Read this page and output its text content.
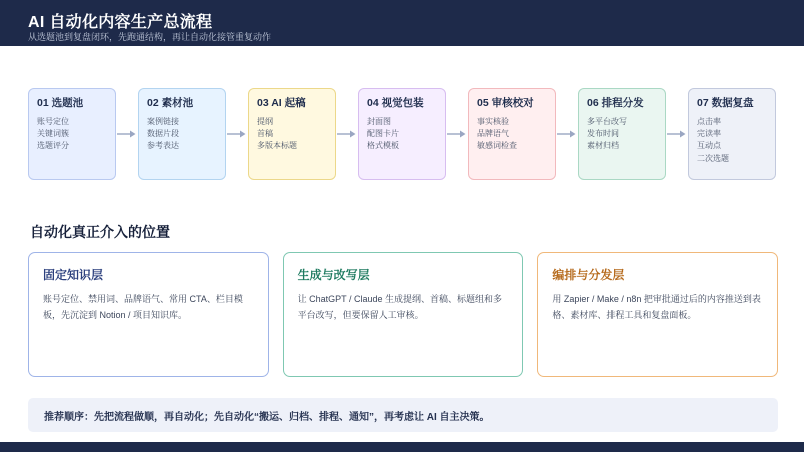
AI 自动化内容生产总流程
从选题池到复盘闭环，先跑通结构，再让自动化接管重复动作
01 选题池
账号定位
关键词簇
选题评分
02 素材池
案例链接
数据片段
参考表达
03 AI 起稿
提纲
首稿
多版本标题
04 视觉包装
封面图
配图卡片
格式模板
05 审核校对
事实核验
品牌语气
敏感词检查
06 排程分发
多平台改写
发布时间
素材归档
07 数据复盘
点击率
完读率
互动点
二次选题
自动化真正介入的位置
固定知识层
账号定位、禁用词、品牌语气、常用 CTA、栏目模板，先沉淀到 Notion / 项目知识库。
生成与改写层
让 ChatGPT / Claude 生成提纲、首稿、标题组和多平台改写，但要保留人工审核。
编排与分发层
用 Zapier / Make / n8n 把审批通过后的内容推送到表格、素材库、排程工具和复盘面板。
推荐顺序：先把流程做顺，再自动化；先自动化“搬运、归档、排程、通知”，再考虑让 AI 自主决策。
